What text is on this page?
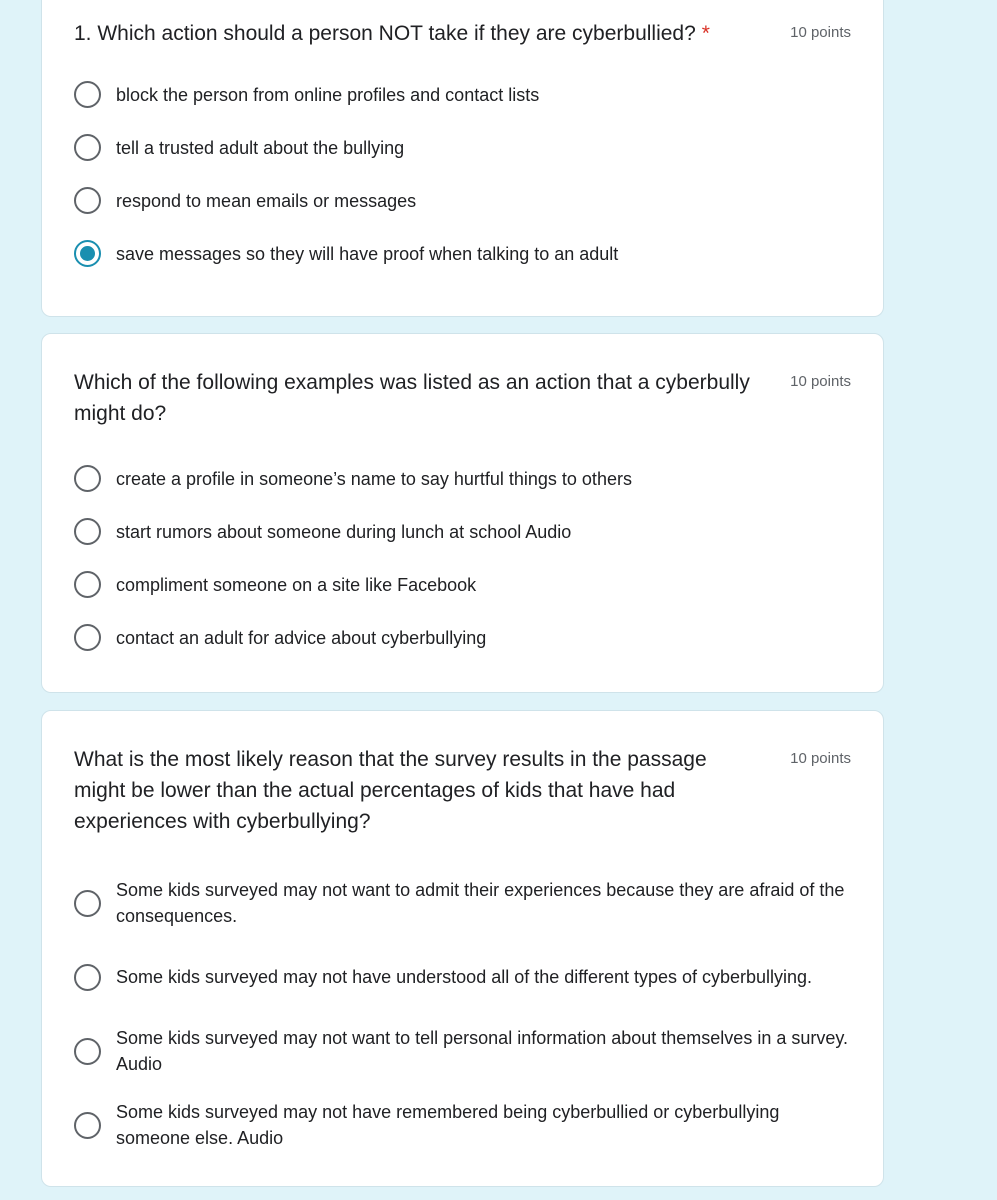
1. Which action should a person NOT take if they are cyberbullied? *	10 points
block the person from online profiles and contact lists
tell a trusted adult about the bullying
respond to mean emails or messages
save messages so they will have proof when talking to an adult
Which of the following examples was listed as an action that a cyberbully might do?
10 points
create a profile in someone’s name to say hurtful things to others
start rumors about someone during lunch at school Audio
compliment someone on a site like Facebook
contact an adult for advice about cyberbullying
What is the most likely reason that the survey results in the passage might be lower than the actual percentages of kids that have had experiences with cyberbullying?
10 points
Some kids surveyed may not want to admit their experiences because they are afraid of the consequences.
Some kids surveyed may not have understood all of the different types of cyberbullying.
Some kids surveyed may not want to tell personal information about themselves in a survey. Audio
Some kids surveyed may not have remembered being cyberbullied or cyberbullying someone else. Audio
